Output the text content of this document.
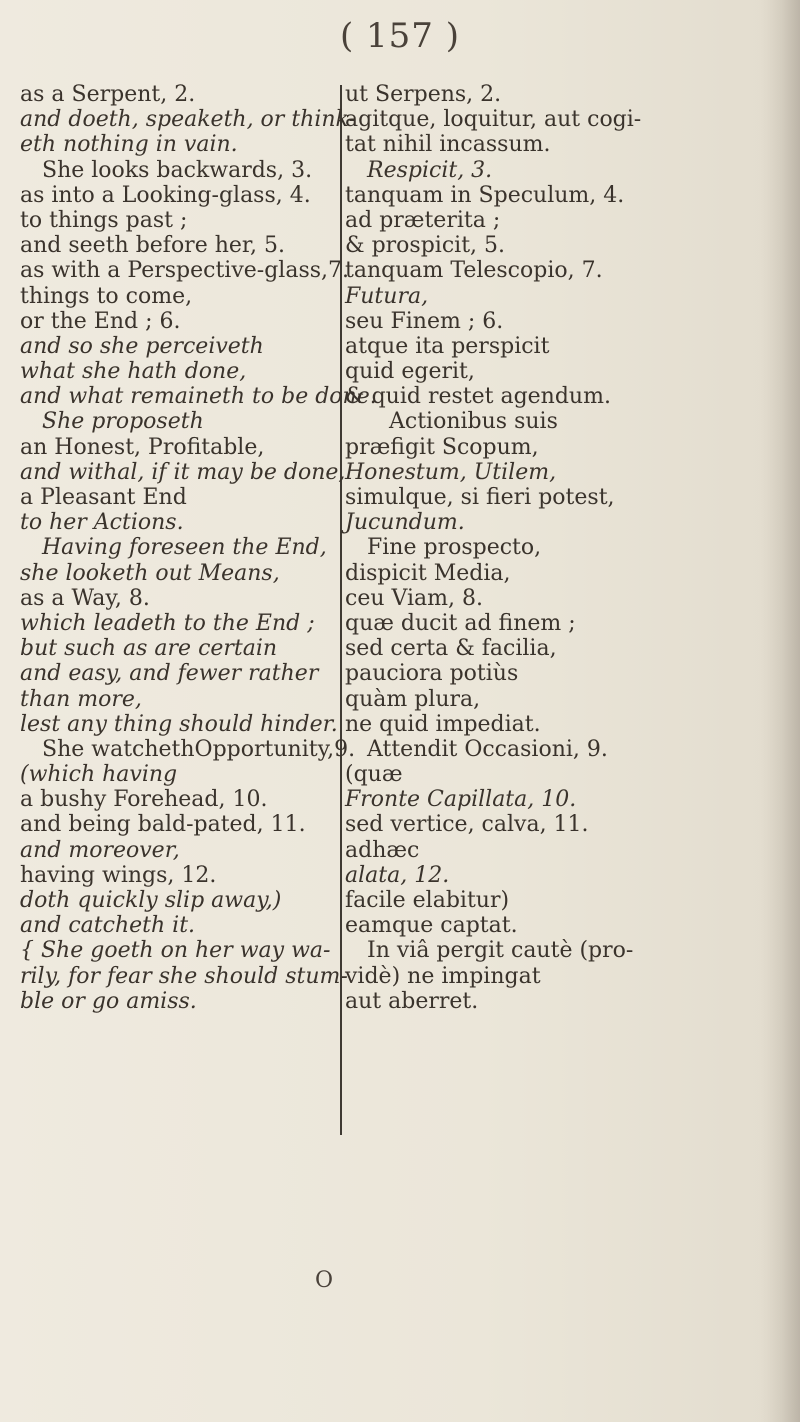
( 157 )
as a Serpent, 2.
and doeth, speaketh, or think-
eth nothing in vain.
She looks backwards, 3.
as into a Looking-glass, 4.
to things past ;
and seeth before her, 5.
as with a Perspective-glass,7.
things to come,
or the End ; 6.
and so she perceiveth
what she hath done,
and what remaineth to be done.
She proposeth
an Honest, Profitable,
and withal, if it may be done,
a Pleasant End
to her Actions.
Having foreseen the End,
she looketh out Means,
as a Way, 8.
which leadeth to the End ;
but such as are certain
and easy, and fewer rather
than more,
lest any thing should hinder.
She watchethOpportunity,9.
(which having
a bushy Forehead, 10.
and being bald-pated, 11.
and moreover,
having wings, 12.
doth quickly slip away,)
and catcheth it.
{ She goeth on her way wa-
rily, for fear she should stum-
ble or go amiss.
ut Serpens, 2.
agitque, loquitur, aut cogi-
tat nihil incassum.
Respicit, 3.
tanquam in Speculum, 4.
ad præterita ;
& prospicit, 5.
tanquam Telescopio, 7.
Futura,
seu Finem ; 6.
atque ita perspicit
quid egerit,
& quid restet agendum.
Actionibus suis
præfigit Scopum,
Honestum, Utilem,
simulque, si fieri potest,
Jucundum.
Fine prospecto,
dispicit Media,
ceu Viam, 8.
quæ ducit ad finem ;
sed certa & facilia,
pauciora potiùs
quàm plura,
ne quid impediat.
Attendit Occasioni, 9.
(quæ
Fronte Capillata, 10.
sed vertice, calva, 11.
adhæc
alata, 12.
facile elabitur)
eamque captat.
In viâ pergit cautè (pro-
vidè) ne impingat
aut aberret.
O
